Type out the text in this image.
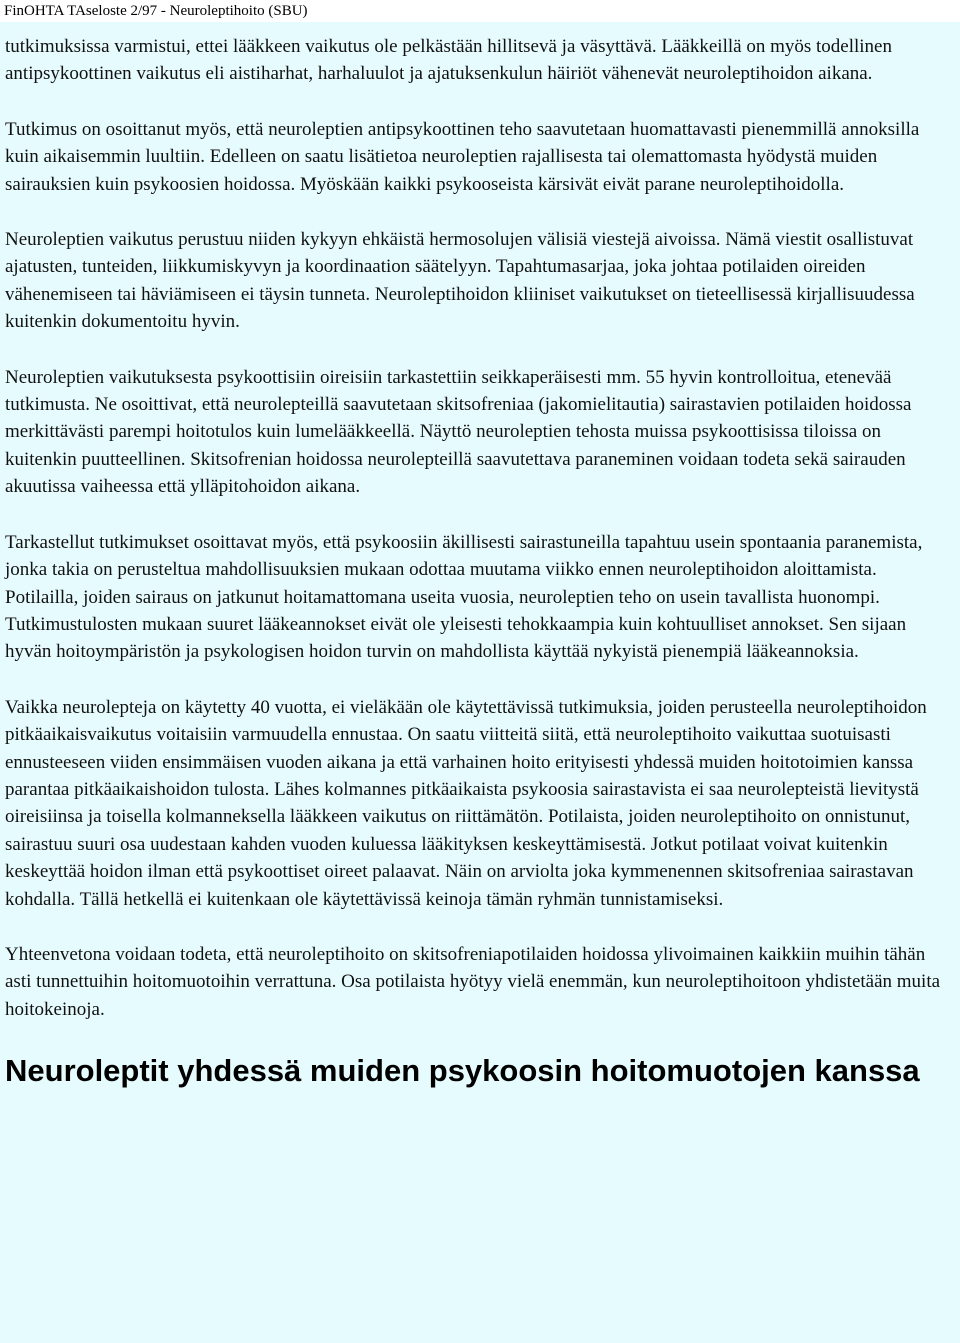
FinOHTA TAseloste 2/97 - Neuroleptihoito (SBU)

tutkimuksissa varmistui, ettei lääkkeen vaikutus ole pelkästään hillitsevä ja väsyttävä. Lääkkeillä on myös todellinen antipsykoottinen vaikutus eli aistiharhat, harhaluulot ja ajatuksenkulun häiriöt vähenevät neuroleptihoidon aikana.

Tutkimus on osoittanut myös, että neuroleptien antipsykoottinen teho saavutetaan huomattavasti pienemmillä annoksilla kuin aikaisemmin luultiin. Edelleen on saatu lisätietoa neuroleptien rajallisesta tai olemattomasta hyödystä muiden sairauksien kuin psykoosien hoidossa. Myöskään kaikki psykooseista kärsivät eivät parane neuroleptihoidolla.

Neuroleptien vaikutus perustuu niiden kykyyn ehkäistä hermosolujen välisiä viestejä aivoissa. Nämä viestit osallistuvat ajatusten, tunteiden, liikkumiskyvyn ja koordinaation säätelyyn. Tapahtumasarjaa, joka johtaa potilaiden oireiden vähenemiseen tai häviämiseen ei täysin tunneta. Neuroleptihoidon kliiniset vaikutukset on tieteellisessä kirjallisuudessa kuitenkin dokumentoitu hyvin.

Neuroleptien vaikutuksesta psykoottisiin oireisiin tarkastettiin seikkaperäisesti mm. 55 hyvin kontrolloitua, etenevää tutkimusta. Ne osoittivat, että neurolepteillä saavutetaan skitsofreniaa (jakomielitautia) sairastavien potilaiden hoidossa merkittävästi parempi hoitotulos kuin lumelääkkeellä. Näyttö neuroleptien tehosta muissa psykoottisissa tiloissa on kuitenkin puutteellinen. Skitsofrenian hoidossa neurolepteillä saavutettava paraneminen voidaan todeta sekä sairauden akuutissa vaiheessa että ylläpitohoidon aikana.

Tarkastellut tutkimukset osoittavat myös, että psykoosiin äkillisesti sairastuneilla tapahtuu usein spontaania paranemista, jonka takia on perusteltua mahdollisuuksien mukaan odottaa muutama viikko ennen neuroleptihoidon aloittamista. Potilailla, joiden sairaus on jatkunut hoitamattomana useita vuosia, neuroleptien teho on usein tavallista huonompi. Tutkimustulosten mukaan suuret lääkeannokset eivät ole yleisesti tehokkaampia kuin kohtuulliset annokset. Sen sijaan hyvän hoitoympäristön ja psykologisen hoidon turvin on mahdollista käyttää nykyistä pienempiä lääkeannoksia.

Vaikka neurolepteja on käytetty 40 vuotta, ei vieläkään ole käytettävissä tutkimuksia, joiden perusteella neuroleptihoidon pitkäaikaisvaikutus voitaisiin varmuudella ennustaa. On saatu viitteitä siitä, että neuroleptihoito vaikuttaa suotuisasti ennusteeseen viiden ensimmäisen vuoden aikana ja että varhainen hoito erityisesti yhdessä muiden hoitotoimien kanssa parantaa pitkäaikaishoidon tulosta. Lähes kolmannes pitkäaikaista psykoosia sairastavista ei saa neurolepteistä lievitystä oireisiinsa ja toisella kolmanneksella lääkkeen vaikutus on riittämätön. Potilaista, joiden neuroleptihoito on onnistunut, sairastuu suuri osa uudestaan kahden vuoden kuluessa lääkityksen keskeyttämisestä. Jotkut potilaat voivat kuitenkin keskeyttää hoidon ilman että psykoottiset oireet palaavat. Näin on arviolta joka kymmenennen skitsofreniaa sairastavan kohdalla. Tällä hetkellä ei kuitenkaan ole käytettävissä keinoja tämän ryhmän tunnistamiseksi.

Yhteenvetona voidaan todeta, että neuroleptihoito on skitsofreniapotilaiden hoidossa ylivoimainen kaikkiin muihin tähän asti tunnettuihin hoitomuotoihin verrattuna. Osa potilaista hyötyy vielä enemmän, kun neuroleptihoitoon yhdistetään muita hoitokeinoja.

Neuroleptit yhdessä muiden psykoosin hoitomuotojen kanssa
